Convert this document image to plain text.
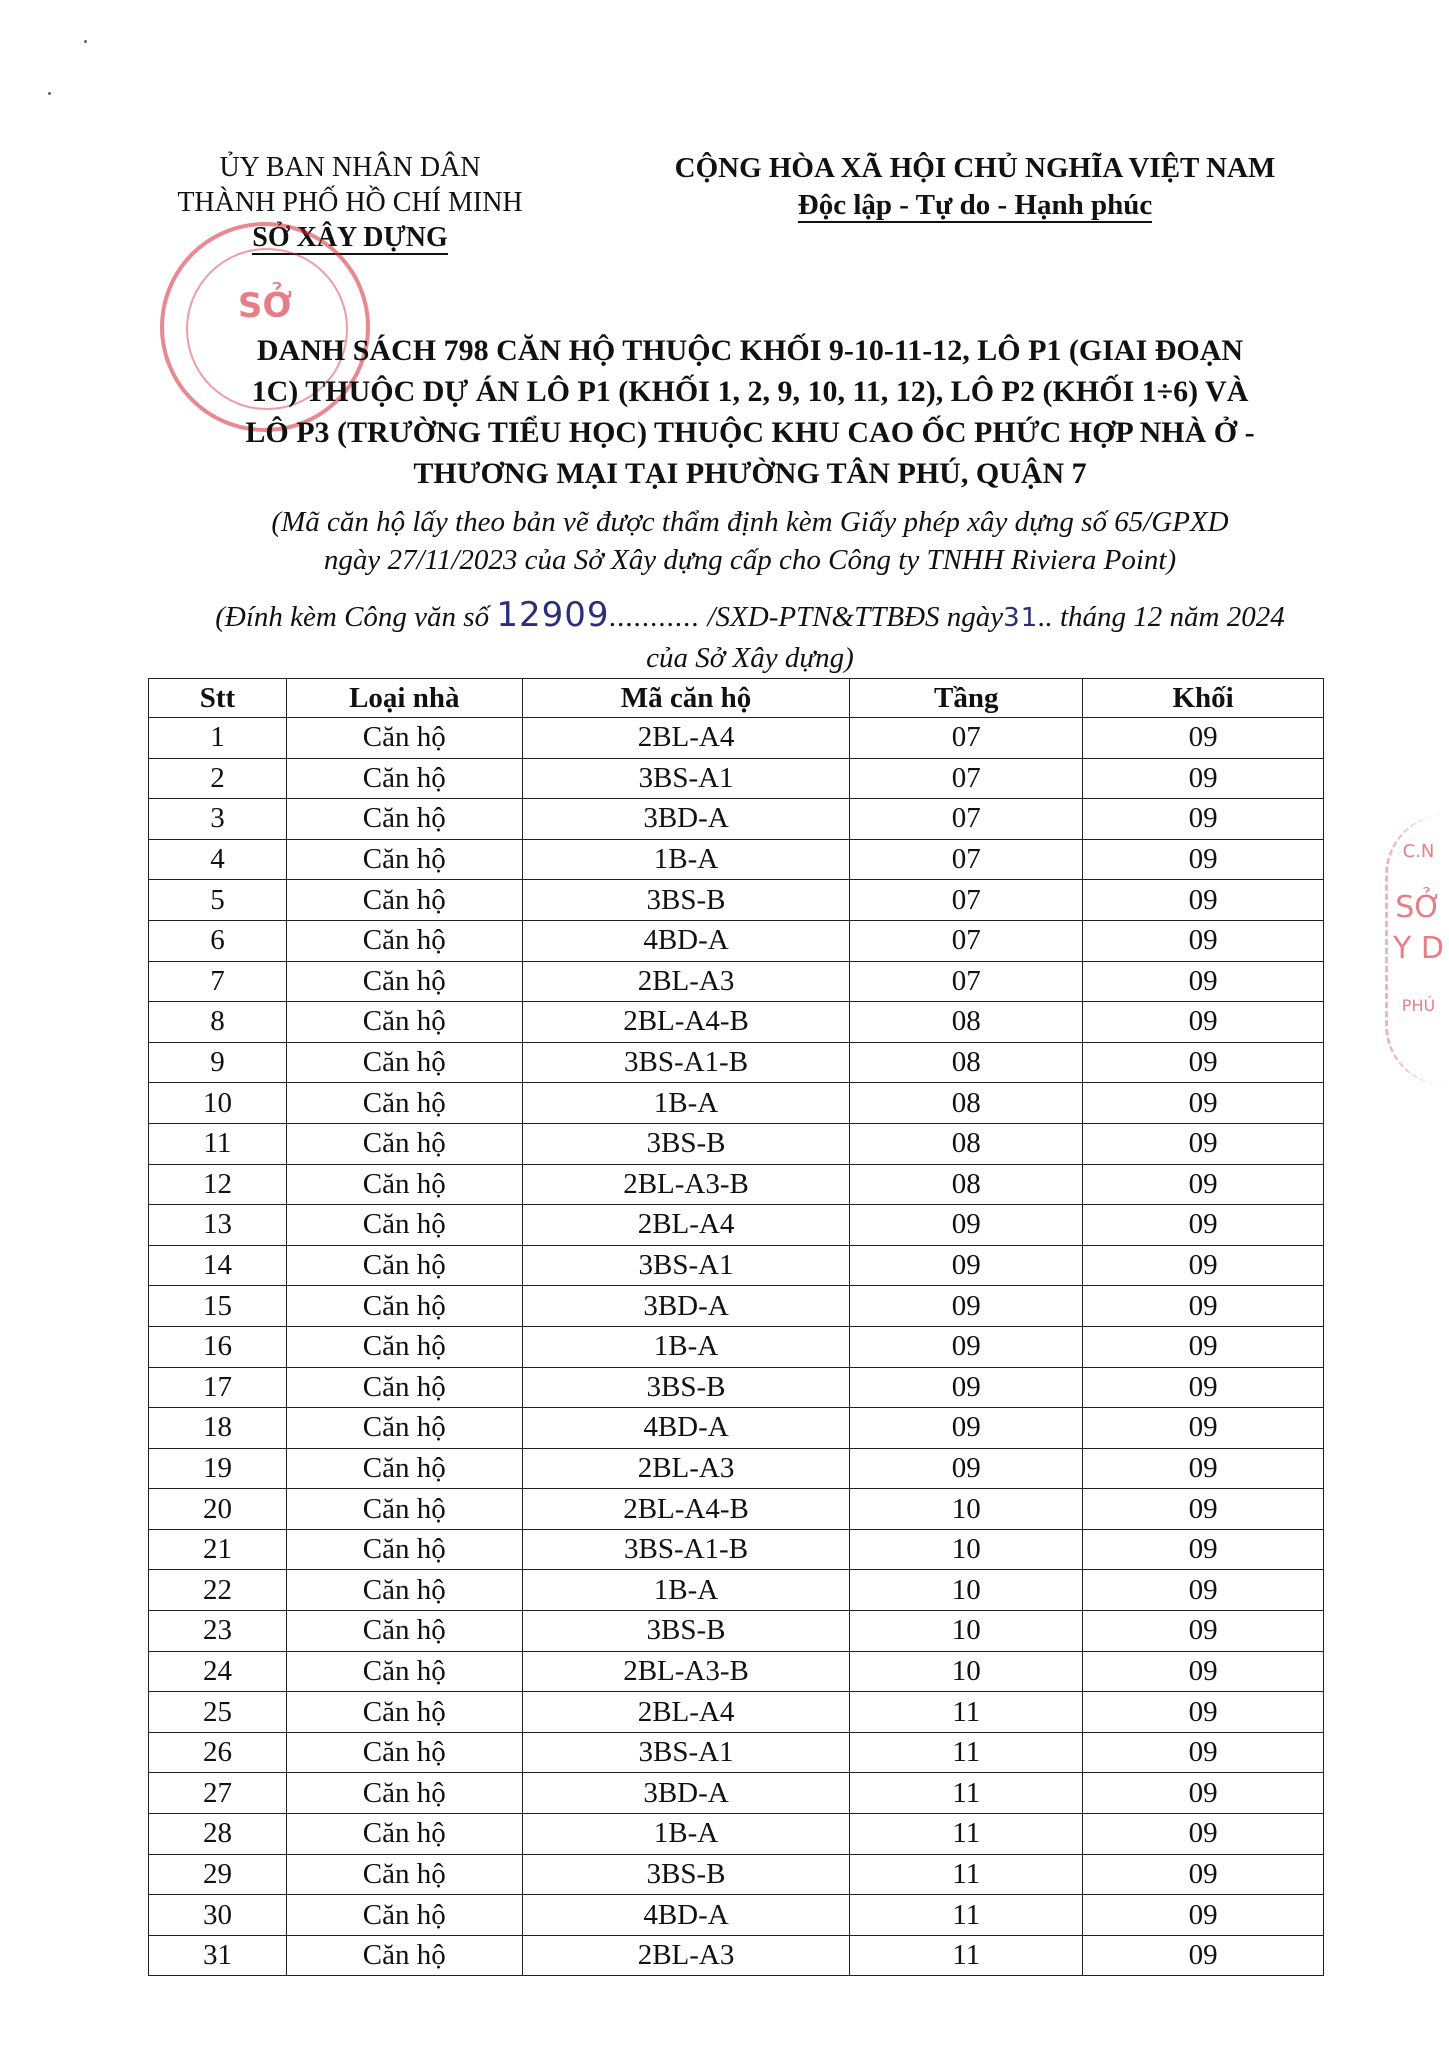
ỦY BAN NHÂN DÂN
THÀNH PHỐ HỒ CHÍ MINH
SỞ XÂY DỰNG
CỘNG HÒA XÃ HỘI CHỦ NGHĨA VIỆT NAM
Độc lập - Tự do - Hạnh phúc
SỞ
DANH SÁCH 798 CĂN HỘ THUỘC KHỐI 9-10-11-12, LÔ P1 (GIAI ĐOẠN
1C) THUỘC DỰ ÁN LÔ P1 (KHỐI 1, 2, 9, 10, 11, 12), LÔ P2 (KHỐI 1÷6) VÀ
LÔ P3 (TRƯỜNG TIỂU HỌC) THUỘC KHU CAO ỐC PHỨC HỢP NHÀ Ở -
THƯƠNG MẠI TẠI PHƯỜNG TÂN PHÚ, QUẬN 7
(Mã căn hộ lấy theo bản vẽ được thẩm định kèm Giấy phép xây dựng số 65/GPXD
ngày 27/11/2023 của Sở Xây dựng cấp cho Công ty TNHH Riviera Point)
(Đính kèm Công văn số 12909........... /SXD-PTN&TTBĐS ngày31.. tháng 12 năm 2024
của Sở Xây dựng)
C.N
SỞ
Y D
PHÚ
Stt	Loại nhà	Mã căn hộ	Tầng	Khối
1	Căn hộ	2BL-A4	07	09
2	Căn hộ	3BS-A1	07	09
3	Căn hộ	3BD-A	07	09
4	Căn hộ	1B-A	07	09
5	Căn hộ	3BS-B	07	09
6	Căn hộ	4BD-A	07	09
7	Căn hộ	2BL-A3	07	09
8	Căn hộ	2BL-A4-B	08	09
9	Căn hộ	3BS-A1-B	08	09
10	Căn hộ	1B-A	08	09
11	Căn hộ	3BS-B	08	09
12	Căn hộ	2BL-A3-B	08	09
13	Căn hộ	2BL-A4	09	09
14	Căn hộ	3BS-A1	09	09
15	Căn hộ	3BD-A	09	09
16	Căn hộ	1B-A	09	09
17	Căn hộ	3BS-B	09	09
18	Căn hộ	4BD-A	09	09
19	Căn hộ	2BL-A3	09	09
20	Căn hộ	2BL-A4-B	10	09
21	Căn hộ	3BS-A1-B	10	09
22	Căn hộ	1B-A	10	09
23	Căn hộ	3BS-B	10	09
24	Căn hộ	2BL-A3-B	10	09
25	Căn hộ	2BL-A4	11	09
26	Căn hộ	3BS-A1	11	09
27	Căn hộ	3BD-A	11	09
28	Căn hộ	1B-A	11	09
29	Căn hộ	3BS-B	11	09
30	Căn hộ	4BD-A	11	09
31	Căn hộ	2BL-A3	11	09
